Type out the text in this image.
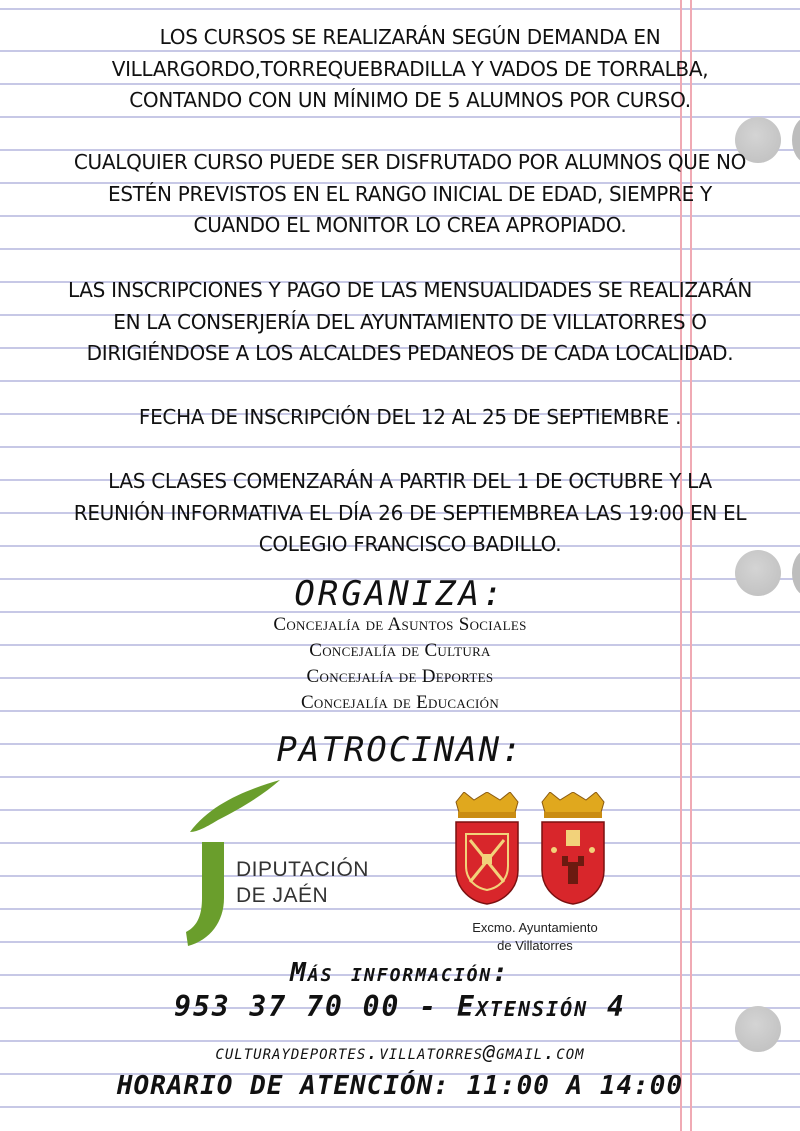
LOS CURSOS SE REALIZARÁN SEGÚN DEMANDA EN
VILLARGORDO,TORREQUEBRADILLA Y VADOS DE TORRALBA,
CONTANDO CON UN MÍNIMO DE 5 ALUMNOS POR CURSO.
CUALQUIER CURSO PUEDE SER DISFRUTADO POR ALUMNOS QUE NO
ESTÉN PREVISTOS EN EL RANGO INICIAL DE EDAD, SIEMPRE Y
CUANDO EL MONITOR LO CREA APROPIADO.
LAS INSCRIPCIONES Y PAGO DE LAS MENSUALIDADES SE REALIZARÁN
EN LA CONSERJERÍA DEL AYUNTAMIENTO DE VILLATORRES O
DIRIGIÉNDOSE A LOS ALCALDES PEDANEOS DE CADA LOCALIDAD.
FECHA DE INSCRIPCIÓN DEL 12 AL 25 DE SEPTIEMBRE .
LAS CLASES COMENZARÁN A PARTIR DEL 1 DE OCTUBRE Y LA
REUNIÓN INFORMATIVA EL DÍA 26 DE SEPTIEMBREA LAS 19:00 EN EL
COLEGIO FRANCISCO BADILLO.
ORGANIZA:
Concejalía de Asuntos Sociales
Concejalía de Cultura
Concejalía de Deportes
Concejalía de Educación
PATROCINAN:
DIPUTACIÓN
DE JAÉN
Excmo. Ayuntamiento
de Villatorres
Más información:
953 37 70 00 - Extensión 4
culturaydeportes.villatorres@gmail.com
HORARIO DE ATENCIÓN: 11:00 A 14:00
